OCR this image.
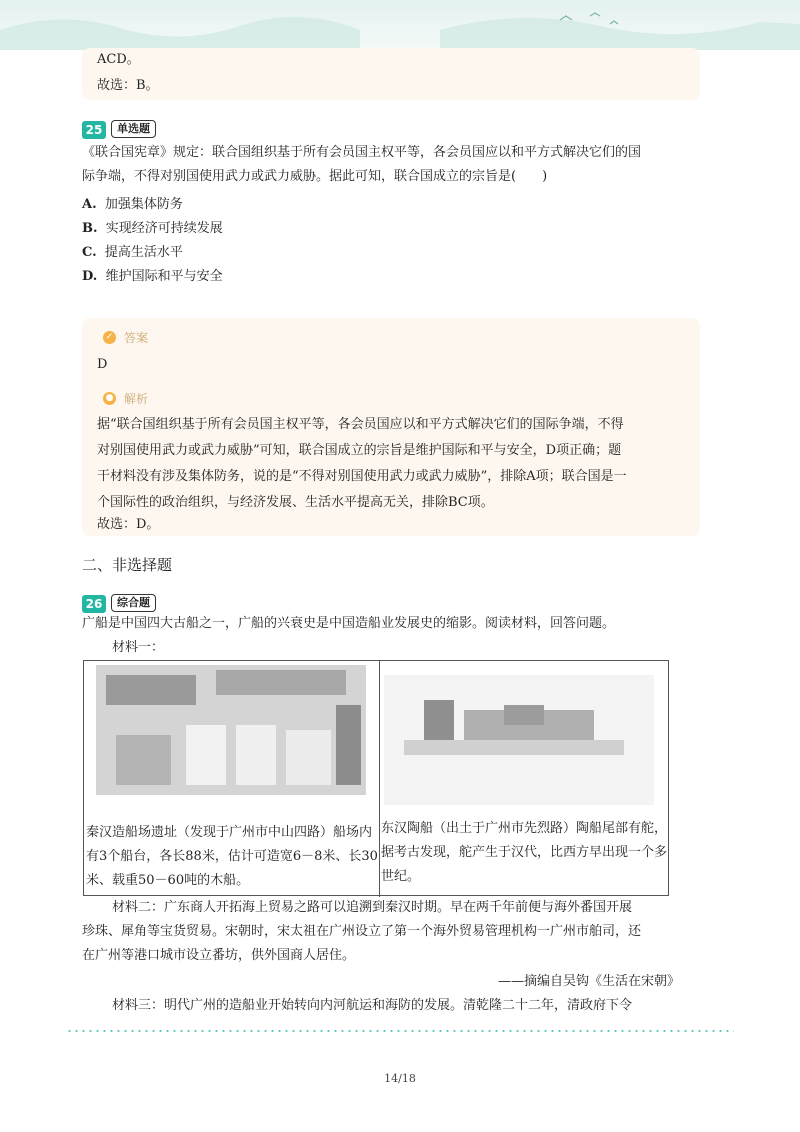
ACD。
故选：B。
25	单选题
《联合国宪章》规定：联合国组织基于所有会员国主权平等，各会员国应以和平方式解决它们的国
际争端，不得对别国使用武力或武力威胁。据此可知，联合国成立的宗旨是(　　)
A. 加强集体防务
B. 实现经济可持续发展
C. 提高生活水平
D. 维护国际和平与安全
✓ 答案
D
● 解析
据“联合国组织基于所有会员国主权平等，各会员国应以和平方式解决它们的国际争端，不得
对别国使用武力或武力威胁”可知，联合国成立的宗旨是维护国际和平与安全，D项正确；题
干材料没有涉及集体防务，说的是“不得对别国使用武力或武力威胁”，排除A项；联合国是一
个国际性的政治组织，与经济发展、生活水平提高无关，排除BC项。
故选：D。
二、非选择题
26	综合题
广船是中国四大古船之一，广船的兴衰史是中国造船业发展史的缩影。阅读材料，回答问题。
材料一：
秦汉造船场遗址（发现于广州市中山四路）船场内有3个船台，各长88米，估计可造宽6－8米、长30米、载重50－60吨的木船。
东汉陶船（出土于广州市先烈路）陶船尾部有舵，据考古发现，舵产生于汉代，比西方早出现一个多世纪。
材料二：广东商人开拓海上贸易之路可以追溯到秦汉时期。早在两千年前便与海外番国开展
珍珠、犀角等宝货贸易。宋朝时，宋太祖在广州设立了第一个海外贸易管理机构一广州市舶司，还
在广州等港口城市设立番坊，供外国商人居住。
——摘编自吴钩《生活在宋朝》
材料三：明代广州的造船业开始转向内河航运和海防的发展。清乾隆二十二年，清政府下令
14/18
